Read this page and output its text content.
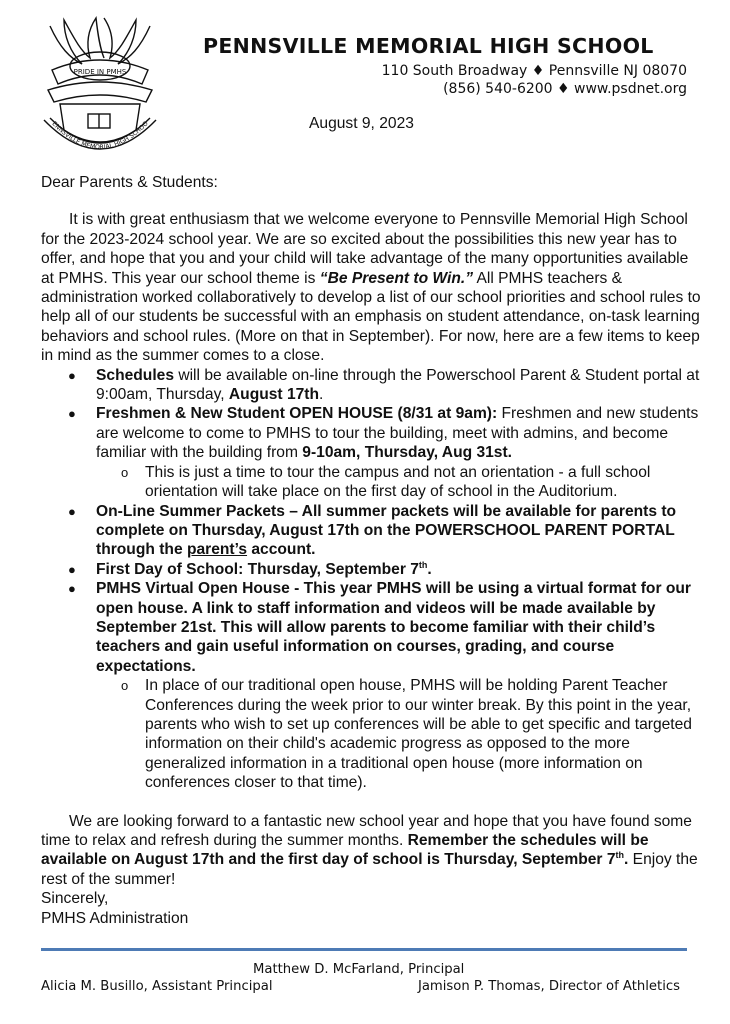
PRIDE IN PMHS
ENNSVILLE MEMORIAL HIGH SCHOO
PENNSVILLE MEMORIAL HIGH SCHOOL
110 South Broadway ♦ Pennsville NJ 08070
(856) 540-6200 ♦ www.psdnet.org
August 9, 2023

Dear Parents & Students:

It is with great enthusiasm that we welcome everyone to Pennsville Memorial High School for the 2023-2024 school year. We are so excited about the possibilities this new year has to offer, and hope that you and your child will take advantage of the many opportunities available at PMHS. This year our school theme is “Be Present to Win.” All PMHS teachers & administration worked collaboratively to develop a list of our school priorities and school rules to help all of our students be successful with an emphasis on student attendance, on-task learning behaviors and school rules. (More on that in September). For now, here are a few items to keep in mind as the summer comes to a close.

● Schedules will be available on-line through the Powerschool Parent & Student portal at 9:00am, Thursday, August 17th.
● Freshmen & New Student OPEN HOUSE (8/31 at 9am): Freshmen and new students are welcome to come to PMHS to tour the building, meet with admins, and become familiar with the building from 9-10am, Thursday, Aug 31st.
o This is just a time to tour the campus and not an orientation - a full school orientation will take place on the first day of school in the Auditorium.
● On-Line Summer Packets – All summer packets will be available for parents to complete on Thursday, August 17th on the POWERSCHOOL PARENT PORTAL through the parent’s account.
● First Day of School: Thursday, September 7th.
● PMHS Virtual Open House - This year PMHS will be using a virtual format for our open house. A link to staff information and videos will be made available by September 21st. This will allow parents to become familiar with their child’s teachers and gain useful information on courses, grading, and course expectations.
o In place of our traditional open house, PMHS will be holding Parent Teacher Conferences during the week prior to our winter break. By this point in the year, parents who wish to set up conferences will be able to get specific and targeted information on their child's academic progress as opposed to the more generalized information in a traditional open house (more information on conferences closer to that time).

We are looking forward to a fantastic new school year and hope that you have found some time to relax and refresh during the summer months. Remember the schedules will be available on August 17th and the first day of school is Thursday, September 7th. Enjoy the rest of the summer!

Sincerely,

PMHS Administration

Matthew D. McFarland, Principal
Alicia M. Busillo, Assistant Principal	Jamison P. Thomas, Director of Athletics
